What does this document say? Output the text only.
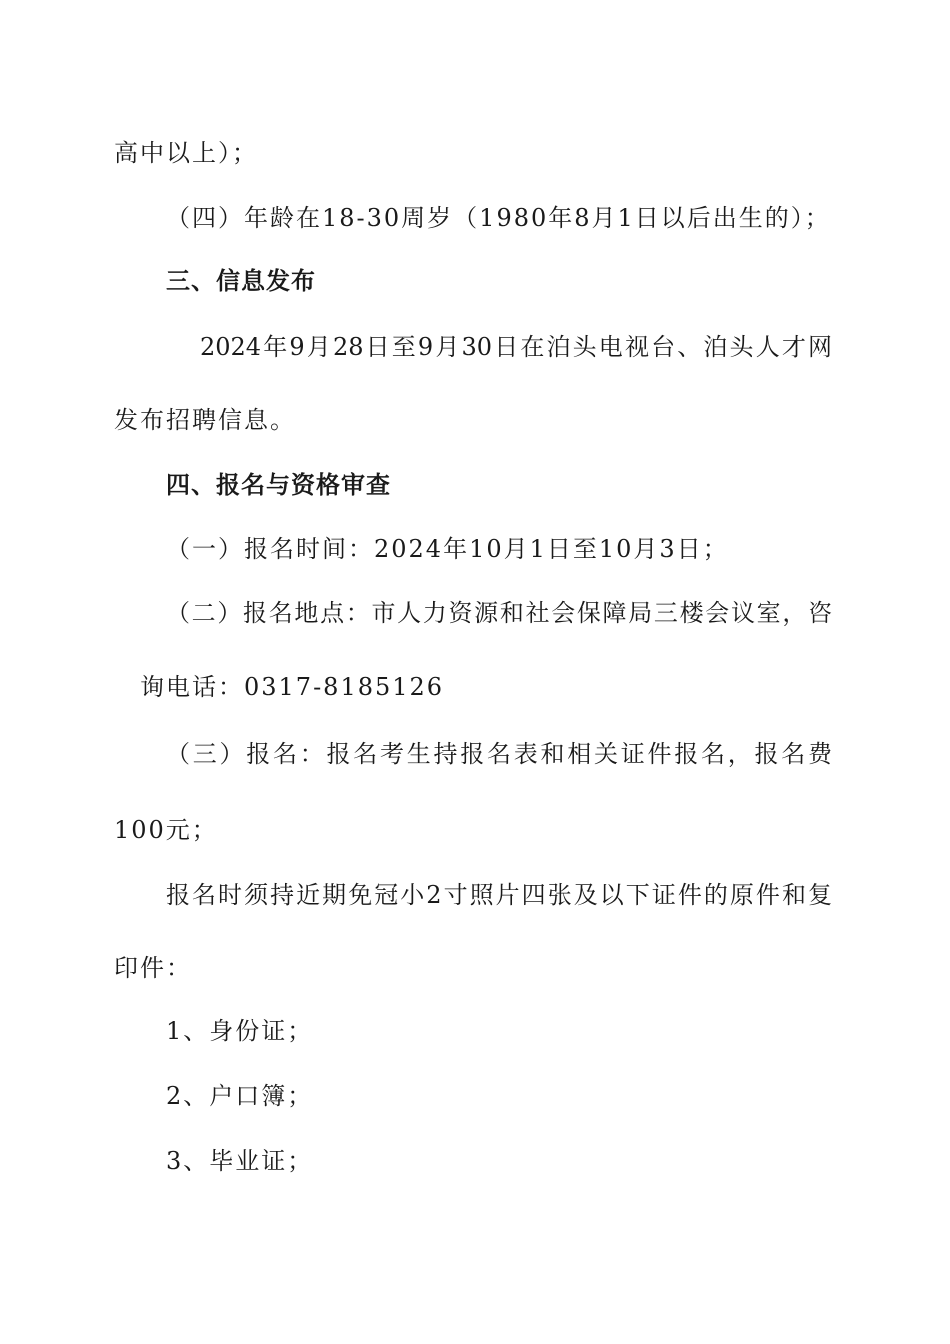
高中以上）；
（四）年龄在18-30周岁（1980年8月1日以后出生的）；
三、信息发布
2024年9月28日至9月30日在泊头电视台、泊头人才网
发布招聘信息。
四、报名与资格审查
（一）报名时间：2024年10月1日至10月3日；
（二）报名地点：市人力资源和社会保障局三楼会议室，咨
询电话：0317-8185126
（三）报名：报名考生持报名表和相关证件报名，报名费
100元；
报名时须持近期免冠小2寸照片四张及以下证件的原件和复
印件：
1、身份证；
2、户口簿；
3、毕业证；
